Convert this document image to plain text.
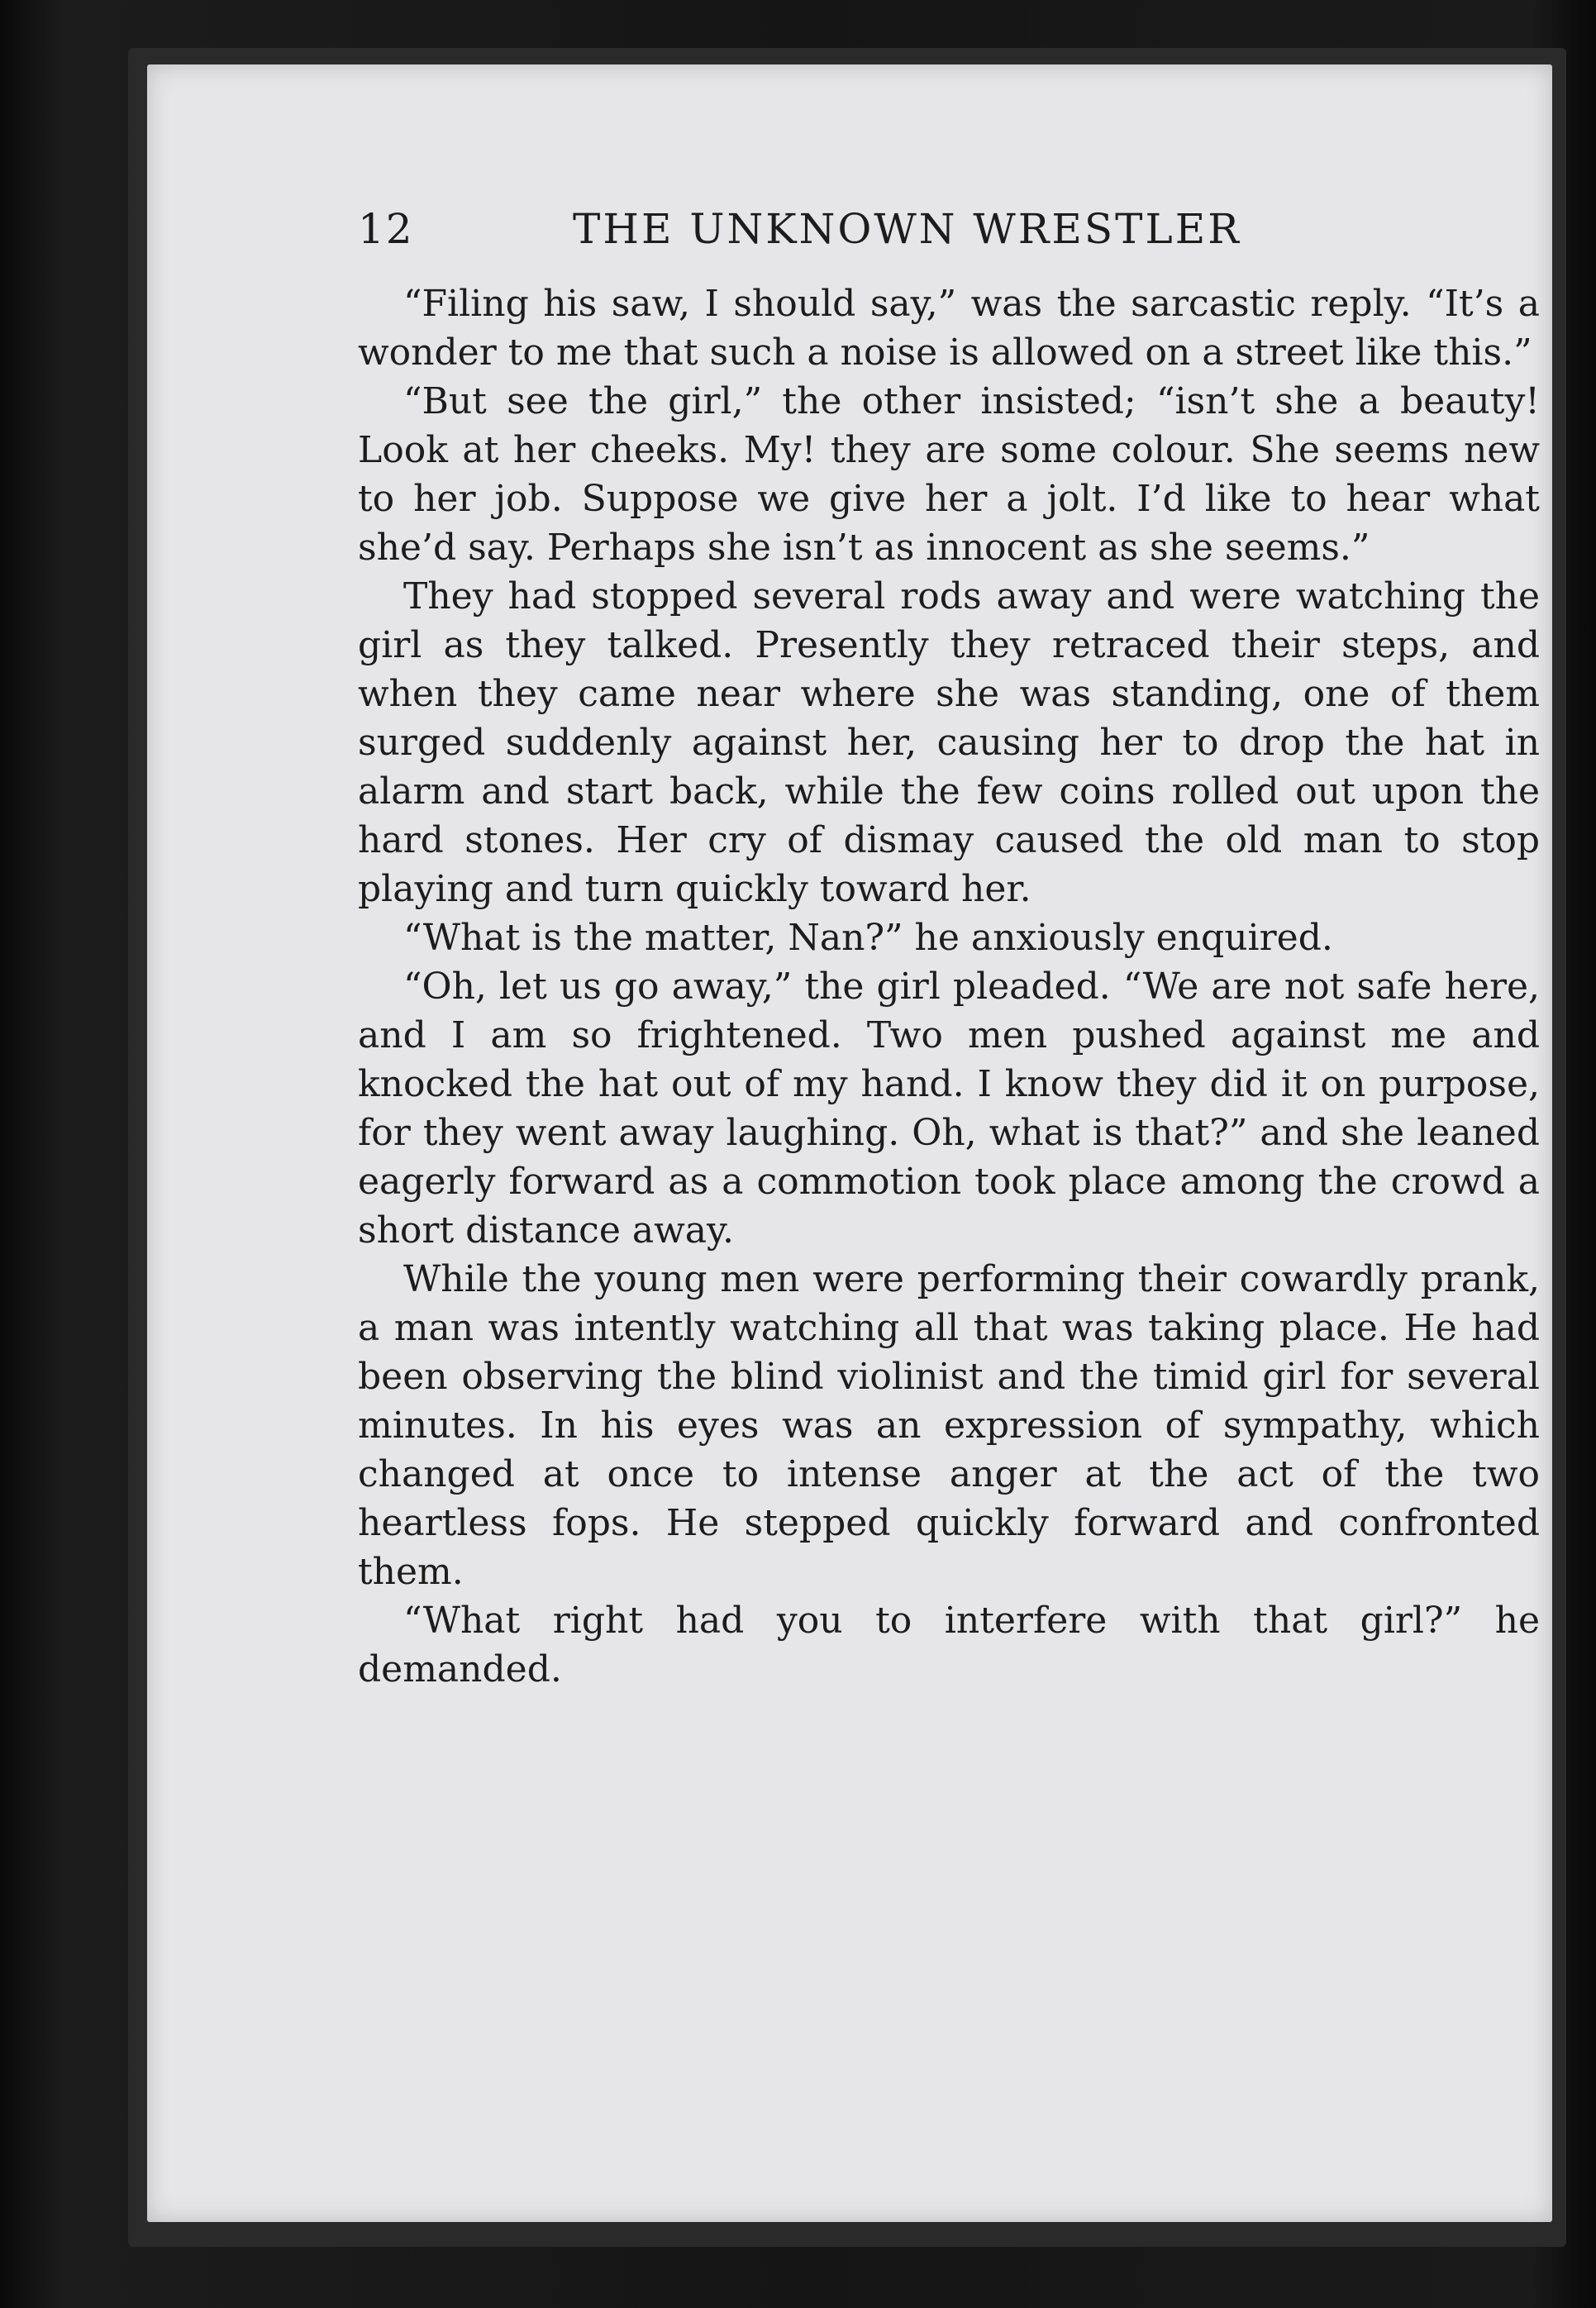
12	THE UNKNOWN WRESTLER

“Filing his saw, I should say,” was the sarcastic reply. “It’s a wonder to me that such a noise is allowed on a street like this.”

“But see the girl,” the other insisted; “isn’t she a beauty! Look at her cheeks. My! they are some colour. She seems new to her job. Suppose we give her a jolt. I’d like to hear what she’d say. Perhaps she isn’t as innocent as she seems.”

They had stopped several rods away and were watching the girl as they talked. Presently they retraced their steps, and when they came near where she was standing, one of them surged suddenly against her, causing her to drop the hat in alarm and start back, while the few coins rolled out upon the hard stones. Her cry of dismay caused the old man to stop playing and turn quickly toward her.

“What is the matter, Nan?” he anxiously enquired.

“Oh, let us go away,” the girl pleaded. “We are not safe here, and I am so frightened. Two men pushed against me and knocked the hat out of my hand. I know they did it on purpose, for they went away laughing. Oh, what is that?” and she leaned eagerly forward as a commotion took place among the crowd a short distance away.

While the young men were performing their cowardly prank, a man was intently watching all that was taking place. He had been observing the blind violinist and the timid girl for several minutes. In his eyes was an expression of sympathy, which changed at once to intense anger at the act of the two heartless fops. He stepped quickly forward and confronted them.

“What right had you to interfere with that girl?” he demanded.
